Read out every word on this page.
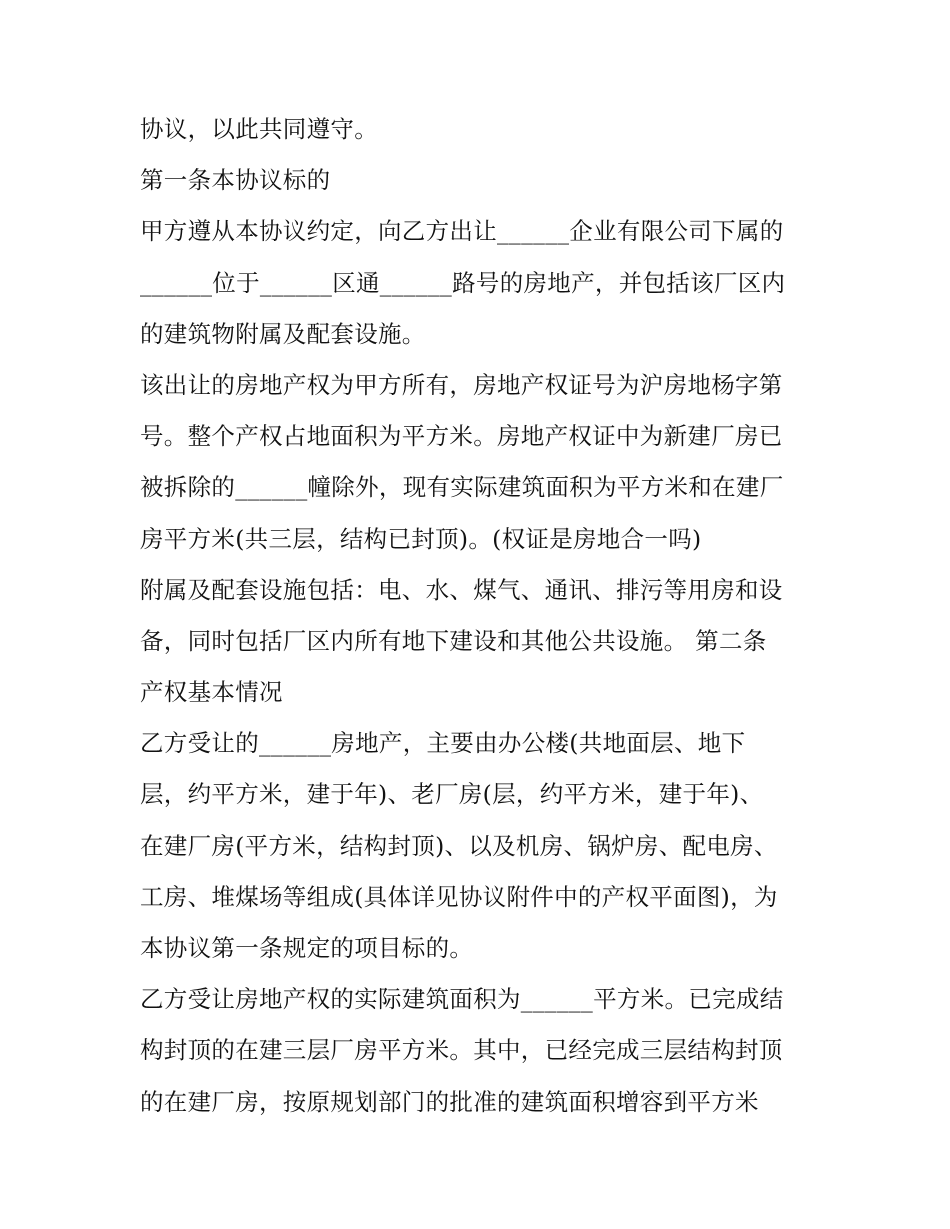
协议，以此共同遵守。
第一条本协议标的
甲方遵从本协议约定，向乙方出让______企业有限公司下属的
______位于______区通______路号的房地产，并包括该厂区内
的建筑物附属及配套设施。
该出让的房地产权为甲方所有，房地产权证号为沪房地杨字第
号。整个产权占地面积为平方米。房地产权证中为新建厂房已
被拆除的______幢除外，现有实际建筑面积为平方米和在建厂
房平方米(共三层，结构已封顶)。(权证是房地合一吗)
附属及配套设施包括：电、水、煤气、通讯、排污等用房和设
备，同时包括厂区内所有地下建设和其他公共设施。 第二条
产权基本情况
乙方受让的______房地产，主要由办公楼(共地面层、地下
层，约平方米，建于年)、老厂房(层，约平方米，建于年)、
在建厂房(平方米，结构封顶)、以及机房、锅炉房、配电房、
工房、堆煤场等组成(具体详见协议附件中的产权平面图)，为
本协议第一条规定的项目标的。
乙方受让房地产权的实际建筑面积为______平方米。已完成结
构封顶的在建三层厂房平方米。其中，已经完成三层结构封顶
的在建厂房，按原规划部门的批准的建筑面积增容到平方米
